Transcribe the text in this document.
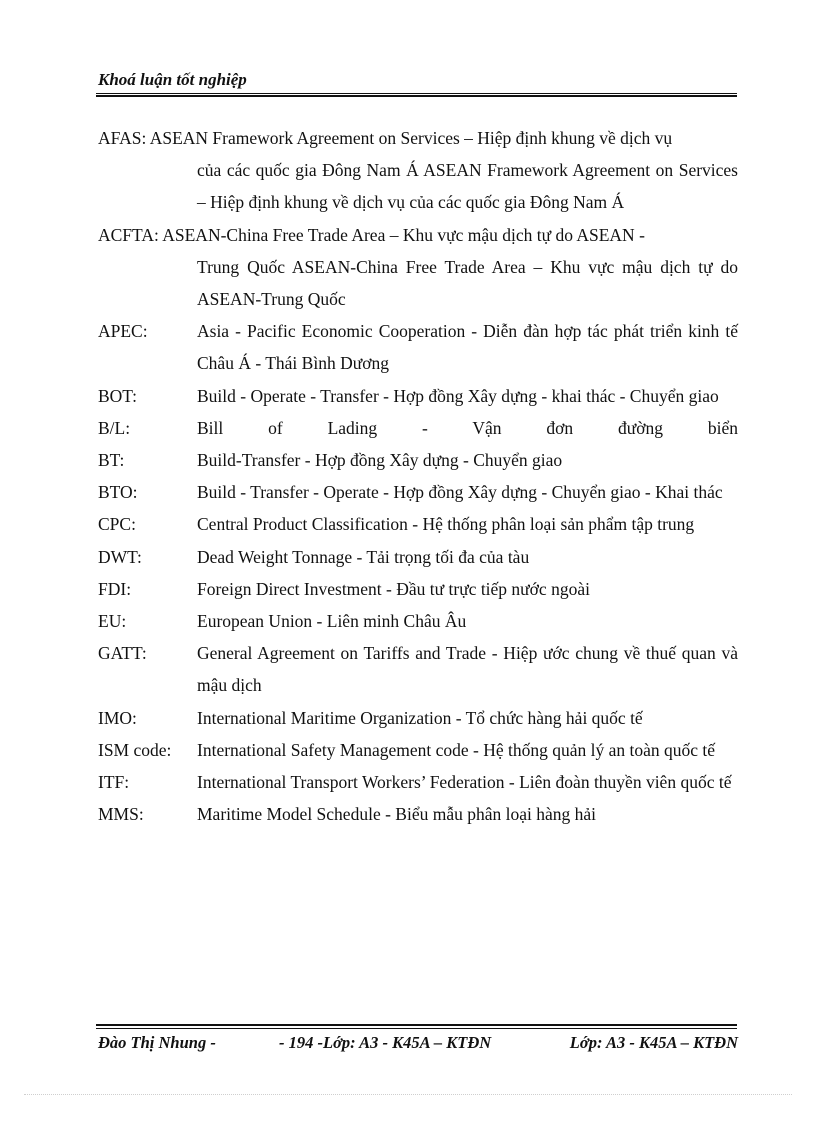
Khoá luận tốt nghiệp
AFAS: ASEAN Framework Agreement on Services – Hiệp định khung về dịch vụ
của các quốc gia Đông Nam Á ASEAN Framework Agreement on Services – Hiệp định khung về dịch vụ của các quốc gia Đông Nam Á
ACFTA: ASEAN-China Free Trade Area – Khu vực mậu dịch tự do ASEAN -
Trung Quốc ASEAN-China Free Trade Area – Khu vực mậu dịch tự do ASEAN-Trung Quốc
APEC:	Asia - Pacific Economic Cooperation - Diễn đàn hợp tác phát triển kinh tế Châu Á - Thái Bình Dương
BOT:	Build - Operate - Transfer - Hợp đồng Xây dựng - khai thác - Chuyển giao
B/L:	Bill of Lading - Vận đơn đường biển
BT:	Build-Transfer - Hợp đồng Xây dựng - Chuyển giao
BTO:	Build - Transfer - Operate - Hợp đồng Xây dựng - Chuyển giao - Khai thác
CPC:	Central Product Classification - Hệ thống phân loại sản phẩm tập trung
DWT:	Dead Weight Tonnage - Tải trọng tối đa của tàu
FDI:	Foreign Direct Investment - Đầu tư trực tiếp nước ngoài
EU:	European Union - Liên minh Châu Âu
GATT:	General Agreement on Tariffs and Trade - Hiệp ước chung về thuế quan và mậu dịch
IMO:	International Maritime Organization - Tổ chức hàng hải quốc tế
ISM code: International Safety Management code - Hệ thống quản lý an toàn quốc tế
ITF:	International Transport Workers’ Federation - Liên đoàn thuyền viên quốc tế
MMS:	Maritime Model Schedule - Biểu mẫu phân loại hàng hải
Đào Thị Nhung -	- 194 -Lớp: A3 - K45A – KTĐN	Lớp: A3 - K45A – KTĐN
